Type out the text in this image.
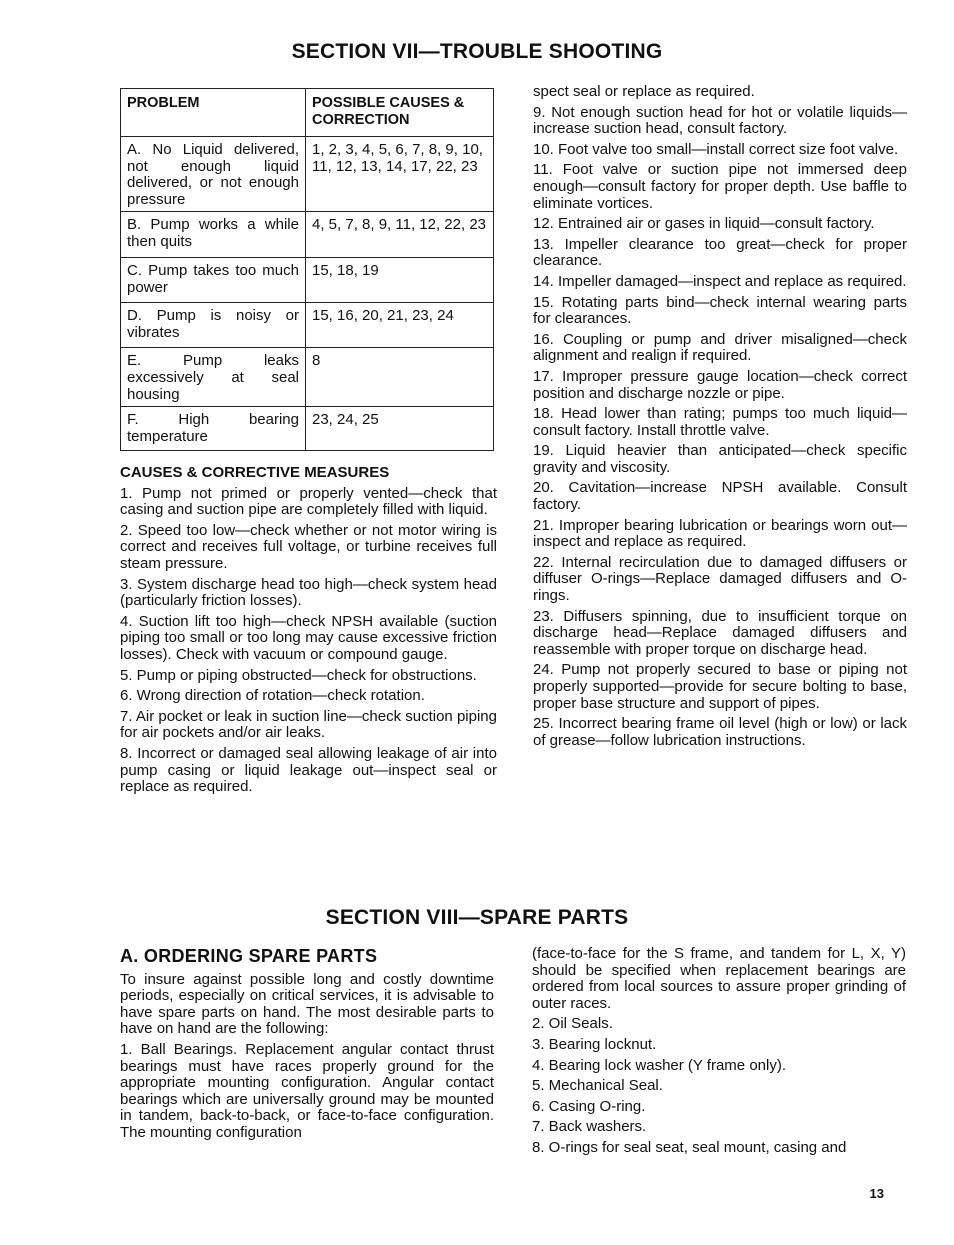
SECTION VII—TROUBLE SHOOTING
PROBLEM	POSSIBLE CAUSES & CORRECTION
A. No Liquid delivered, not enough liquid delivered, or not enough pressure	1, 2, 3, 4, 5, 6, 7, 8, 9, 10, 11, 12, 13, 14, 17, 22, 23
B. Pump works a while then quits	4, 5, 7, 8, 9, 11, 12, 22, 23
C. Pump takes too much power	15, 18, 19
D. Pump is noisy or vibrates	15, 16, 20, 21, 23, 24
E. Pump leaks excessively at seal housing	8
F. High bearing temperature	23, 24, 25
CAUSES & CORRECTIVE MEASURES

1. Pump not primed or properly vented—check that casing and suction pipe are completely filled with liquid.

2. Speed too low—check whether or not motor wiring is correct and receives full voltage, or turbine receives full steam pressure.

3. System discharge head too high—check system head (particularly friction losses).

4. Suction lift too high—check NPSH available (suction piping too small or too long may cause excessive friction losses). Check with vacuum or compound gauge.

5. Pump or piping obstructed—check for obstructions.

6. Wrong direction of rotation—check rotation.

7. Air pocket or leak in suction line—check suction piping for air pockets and/or air leaks.

8. Incorrect or damaged seal allowing leakage of air into pump casing or liquid leakage out—inspect seal or replace as required.

spect seal or replace as required.

9. Not enough suction head for hot or volatile liquids—increase suction head, consult factory.

10. Foot valve too small—install correct size foot valve.

11. Foot valve or suction pipe not immersed deep enough—consult factory for proper depth. Use baffle to eliminate vortices.

12. Entrained air or gases in liquid—consult factory.

13. Impeller clearance too great—check for proper clearance.

14. Impeller damaged—inspect and replace as required.

15. Rotating parts bind—check internal wearing parts for clearances.

16. Coupling or pump and driver misaligned—check alignment and realign if required.

17. Improper pressure gauge location—check correct position and discharge nozzle or pipe.

18. Head lower than rating; pumps too much liquid—consult factory. Install throttle valve.

19. Liquid heavier than anticipated—check specific gravity and viscosity.

20. Cavitation—increase NPSH available. Consult factory.

21. Improper bearing lubrication or bearings worn out—inspect and replace as required.

22. Internal recirculation due to damaged diffusers or diffuser O-rings—Replace damaged diffusers and O-rings.

23. Diffusers spinning, due to insufficient torque on discharge head—Replace damaged diffusers and reassemble with proper torque on discharge head.

24. Pump not properly secured to base or piping not properly supported—provide for secure bolting to base, proper base structure and support of pipes.

25. Incorrect bearing frame oil level (high or low) or lack of grease—follow lubrication instructions.

SECTION VIII—SPARE PARTS
A. ORDERING SPARE PARTS

To insure against possible long and costly downtime periods, especially on critical services, it is advisable to have spare parts on hand. The most desirable parts to have on hand are the following:

1. Ball Bearings. Replacement angular contact thrust bearings must have races properly ground for the appropriate mounting configuration. Angular contact bearings which are universally ground may be mounted in tandem, back-to-back, or face-to-face configuration. The mounting configuration

(face-to-face for the S frame, and tandem for L, X, Y) should be specified when replacement bearings are ordered from local sources to assure proper grinding of outer races.

2. Oil Seals.

3. Bearing locknut.

4. Bearing lock washer (Y frame only).

5. Mechanical Seal.

6. Casing O-ring.

7. Back washers.

8. O-rings for seal seat, seal mount, casing and

13
